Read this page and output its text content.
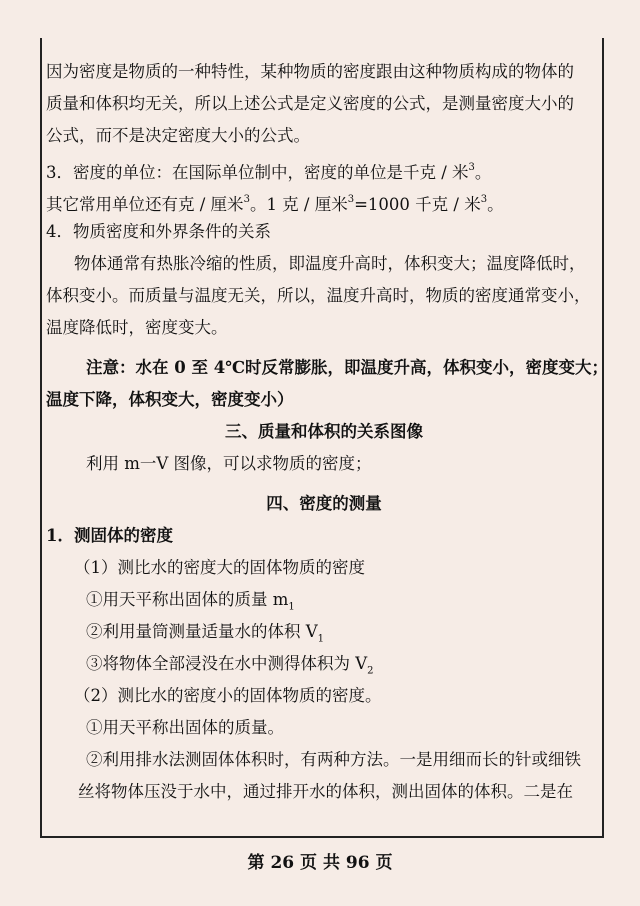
因为密度是物质的一种特性，某种物质的密度跟由这种物质构成的物体的
质量和体积均无关，所以上述公式是定义密度的公式，是测量密度大小的
公式，而不是决定密度大小的公式。
3．密度的单位：在国际单位制中，密度的单位是千克 / 米$^3$。
其它常用单位还有克 / 厘米$^3$。1 克 / 厘米$^3$=1000 千克 / 米$^3$。
4．物质密度和外界条件的关系
物体通常有热胀冷缩的性质，即温度升高时，体积变大；温度降低时，
体积变小。而质量与温度无关，所以，温度升高时，物质的密度通常变小，
温度降低时，密度变大。
注意：水在 0 至 4℃时反常膨胀，即温度升高，体积变小，密度变大；
温度下降，体积变大，密度变小）
三、质量和体积的关系图像
利用 m一V 图像，可以求物质的密度；
四、密度的测量
1．测固体的密度
（1）测比水的密度大的固体物质的密度
①用天平称出固体的质量 $m_1$
②利用量筒测量适量水的体积 $V_1$
③将物体全部浸没在水中测得体积为 $V_2$
（2）测比水的密度小的固体物质的密度。
①用天平称出固体的质量。
②利用排水法测固体体积时，有两种方法。一是用细而长的针或细铁
丝将物体压没于水中，通过排开水的体积，测出固体的体积。二是在
第 26 页 共 96 页
